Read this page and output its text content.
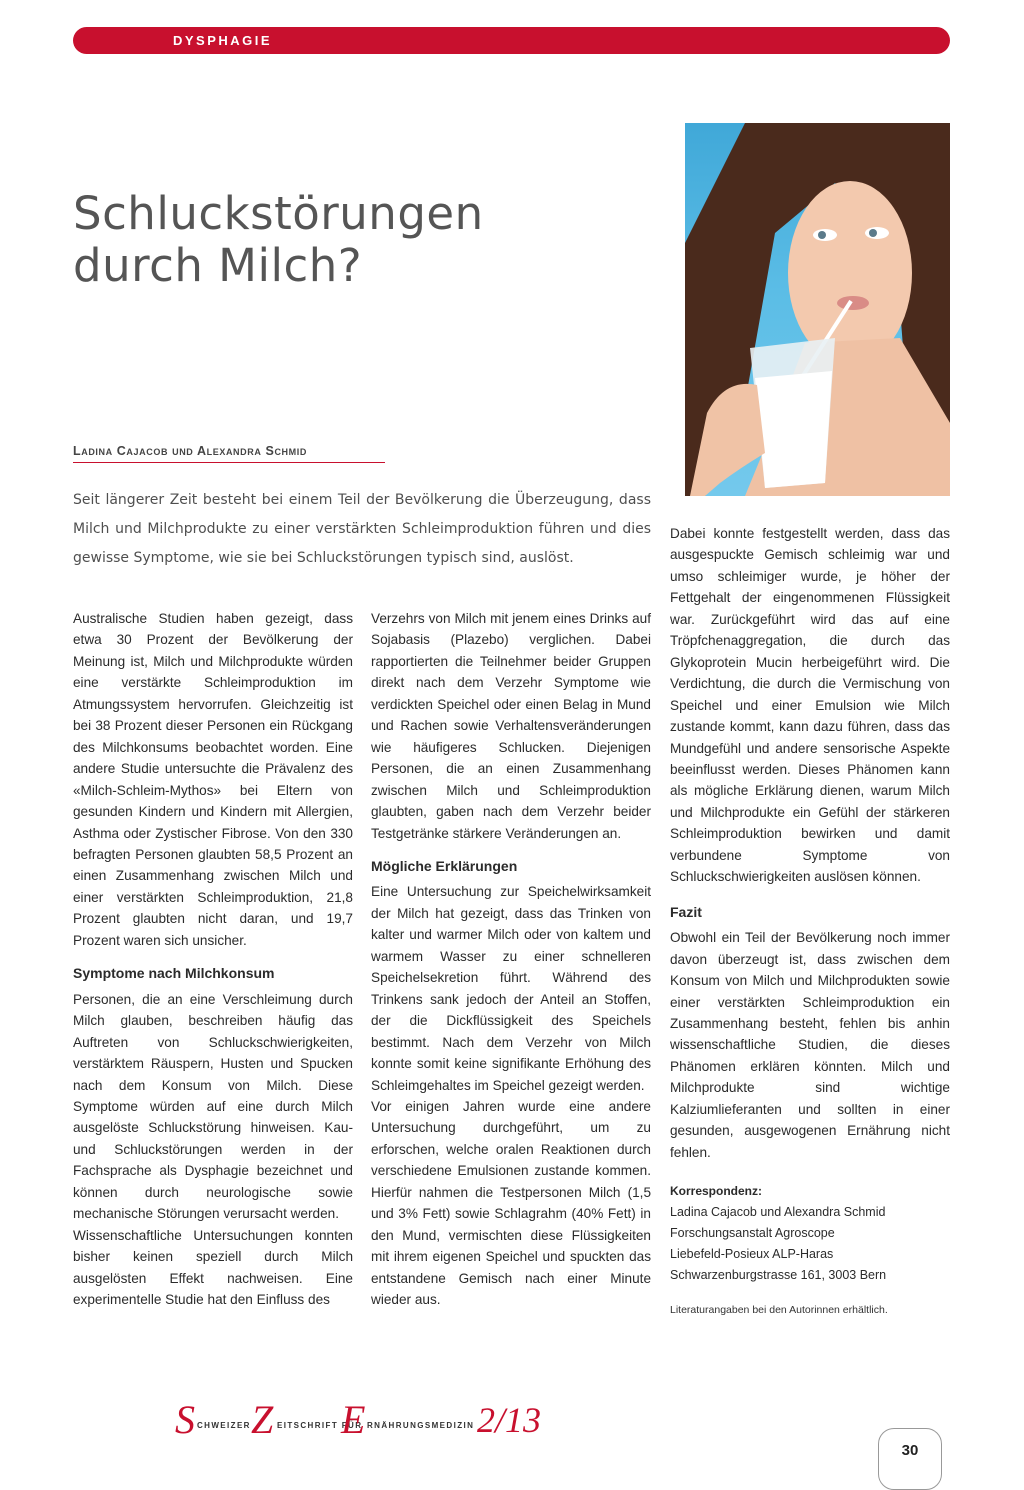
DYSPHAGIE
Schluckstörungen
durch Milch?
Ladina Cajacob und Alexandra Schmid

Seit längerer Zeit besteht bei einem Teil der Bevölkerung die Überzeugung, dass Milch und Milchprodukte zu einer verstärkten Schleimproduktion führen und dies gewisse Symptome, wie sie bei Schluckstörungen typisch sind, auslöst.

Australische Studien haben gezeigt, dass etwa 30 Prozent der Bevölkerung der Meinung ist, Milch und Milchprodukte würden eine verstärkte Schleimproduktion im Atmungssystem hervorrufen. Gleichzeitig ist bei 38 Prozent dieser Personen ein Rückgang des Milchkonsums beobachtet worden. Eine andere Studie untersuchte die Prävalenz des «Milch-Schleim-Mythos» bei Eltern von gesunden Kindern und Kindern mit Allergien, Asthma oder Zystischer Fibrose. Von den 330 befragten Personen glaubten 58,5 Prozent an einen Zusammenhang zwischen Milch und einer verstärkten Schleimproduktion, 21,8 Prozent glaubten nicht daran, und 19,7 Prozent waren sich unsicher.

Symptome nach Milchkonsum

Personen, die an eine Verschleimung durch Milch glauben, beschreiben häufig das Auftreten von Schluckschwierigkeiten, verstärktem Räuspern, Husten und Spucken nach dem Konsum von Milch. Diese Symptome würden auf eine durch Milch ausgelöste Schluckstörung hinweisen. Kau- und Schluckstörungen werden in der Fachsprache als Dysphagie bezeichnet und können durch neurologische sowie mechanische Störungen verursacht werden.

Wissenschaftliche Untersuchungen konnten bisher keinen speziell durch Milch ausgelösten Effekt nachweisen. Eine experimentelle Studie hat den Einfluss des

Verzehrs von Milch mit jenem eines Drinks auf Sojabasis (Plazebo) verglichen. Dabei rapportierten die Teilnehmer beider Gruppen direkt nach dem Verzehr Symptome wie verdickten Speichel oder einen Belag in Mund und Rachen sowie Verhaltensveränderungen wie häufigeres Schlucken. Diejenigen Personen, die an einen Zusammenhang zwischen Milch und Schleimproduktion glaubten, gaben nach dem Verzehr beider Testgetränke stärkere Veränderungen an.

Mögliche Erklärungen

Eine Untersuchung zur Speichelwirksamkeit der Milch hat gezeigt, dass das Trinken von kalter und warmer Milch oder von kaltem und warmem Wasser zu einer schnelleren Speichelsekretion führt. Während des Trinkens sank jedoch der Anteil an Stoffen, der die Dickflüssigkeit des Speichels bestimmt. Nach dem Verzehr von Milch konnte somit keine signifikante Erhöhung des Schleimgehaltes im Speichel gezeigt werden.

Vor einigen Jahren wurde eine andere Untersuchung durchgeführt, um zu erforschen, welche oralen Reaktionen durch verschiedene Emulsionen zustande kommen. Hierfür nahmen die Testpersonen Milch (1,5 und 3% Fett) sowie Schlagrahm (40% Fett) in den Mund, vermischten diese Flüssigkeiten mit ihrem eigenen Speichel und spuckten das entstandene Gemisch nach einer Minute wieder aus.

Dabei konnte festgestellt werden, dass das ausgespuckte Gemisch schleimig war und umso schleimiger wurde, je höher der Fettgehalt der eingenommenen Flüssigkeit war. Zurückgeführt wird das auf eine Tröpfchenaggregation, die durch das Glykoprotein Mucin herbeigeführt wird. Die Verdichtung, die durch die Vermischung von Speichel und einer Emulsion wie Milch zustande kommt, kann dazu führen, dass das Mundgefühl und andere sensorische Aspekte beeinflusst werden. Dieses Phänomen kann als mögliche Erklärung dienen, warum Milch und Milchprodukte ein Gefühl der stärkeren Schleimproduktion bewirken und damit verbundene Symptome von Schluckschwierigkeiten auslösen können.

Fazit

Obwohl ein Teil der Bevölkerung noch immer davon überzeugt ist, dass zwischen dem Konsum von Milch und Milchprodukten sowie einer verstärkten Schleimproduktion ein Zusammenhang besteht, fehlen bis anhin wissenschaftliche Studien, die dieses Phänomen erklären könnten. Milch und Milchprodukte sind wichtige Kalziumlieferanten und sollten in einer gesunden, ausgewogenen Ernährung nicht fehlen.

Korrespondenz:
Ladina Cajacob und Alexandra Schmid
Forschungsanstalt Agroscope
Liebefeld-Posieux ALP-Haras
Schwarzenburgstrasse 161, 3003 Bern
Literaturangaben bei den Autorinnen erhältlich.
S CHWEIZER Z EITSCHRIFT FÜR
E RNÄHRUNGSMEDIZIN 2/13
30
